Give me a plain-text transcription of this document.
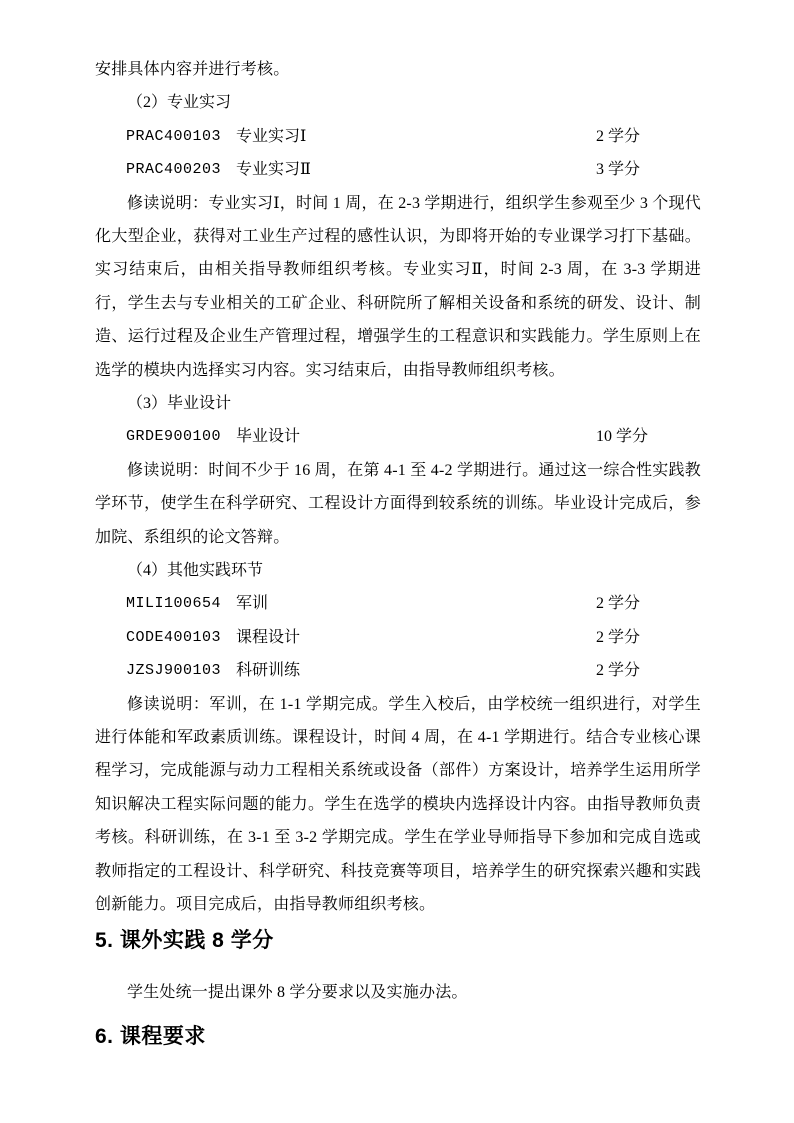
安排具体内容并进行考核。

（2）专业实习

PRAC400103 专业实习Ⅰ	2 学分
PRAC400203 专业实习Ⅱ	3 学分

修读说明：专业实习Ⅰ，时间 1 周，在 2-3 学期进行，组织学生参观至少 3 个现代化大型企业，获得对工业生产过程的感性认识，为即将开始的专业课学习打下基础。实习结束后，由相关指导教师组织考核。专业实习Ⅱ，时间 2-3 周，在 3-3 学期进行，学生去与专业相关的工矿企业、科研院所了解相关设备和系统的研发、设计、制造、运行过程及企业生产管理过程，增强学生的工程意识和实践能力。学生原则上在选学的模块内选择实习内容。实习结束后，由指导教师组织考核。

（3）毕业设计

GRDE900100 毕业设计	10 学分

修读说明：时间不少于 16 周，在第 4-1 至 4-2 学期进行。通过这一综合性实践教学环节，使学生在科学研究、工程设计方面得到较系统的训练。毕业设计完成后，参加院、系组织的论文答辩。

（4）其他实践环节

MILI100654 军训	2 学分
CODE400103 课程设计	2 学分
JZSJ900103 科研训练	2 学分

修读说明：军训，在 1-1 学期完成。学生入校后，由学校统一组织进行，对学生进行体能和军政素质训练。课程设计，时间 4 周，在 4-1 学期进行。结合专业核心课程学习，完成能源与动力工程相关系统或设备（部件）方案设计，培养学生运用所学知识解决工程实际问题的能力。学生在选学的模块内选择设计内容。由指导教师负责考核。科研训练，在 3-1 至 3-2 学期完成。学生在学业导师指导下参加和完成自选或教师指定的工程设计、科学研究、科技竞赛等项目，培养学生的研究探索兴趣和实践创新能力。项目完成后，由指导教师组织考核。

5. 课外实践 8 学分

学生处统一提出课外 8 学分要求以及实施办法。

6. 课程要求
